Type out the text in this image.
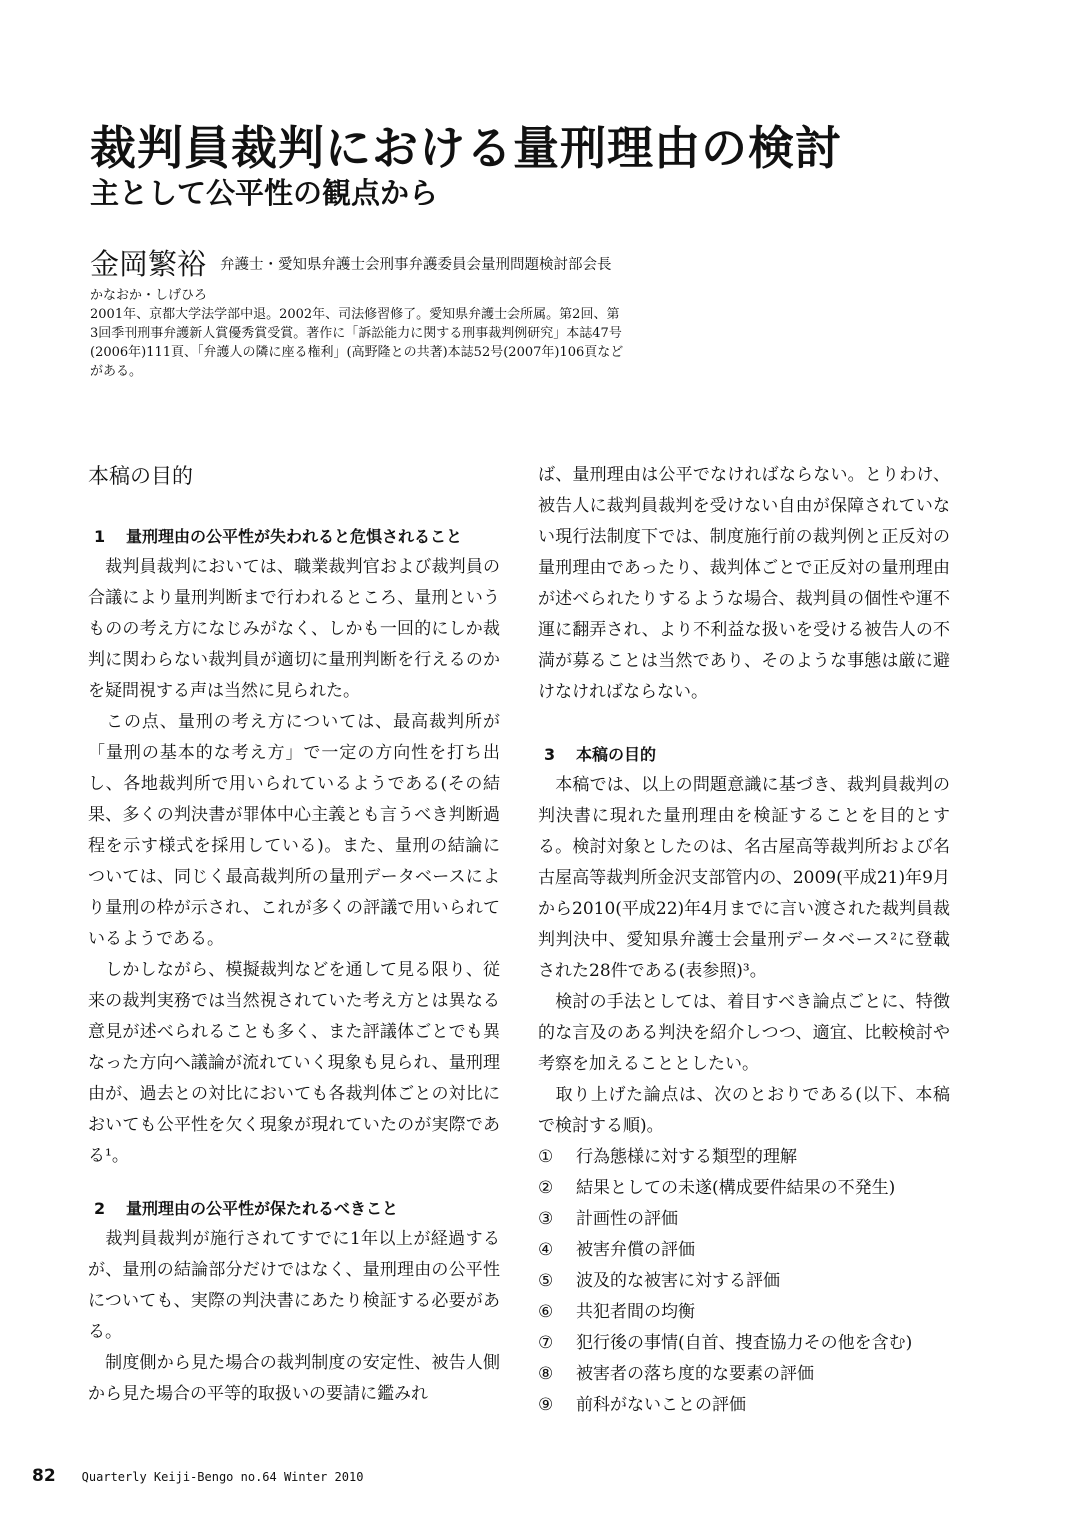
裁判員裁判における量刑理由の検討
主として公平性の観点から
金岡繁裕 弁護士・愛知県弁護士会刑事弁護委員会量刑問題検討部会長

かなおか・しげひろ

2001年、京都大学法学部中退。2002年、司法修習修了。愛知県弁護士会所属。第2回、第

3回季刊刑事弁護新人賞優秀賞受賞。著作に「訴訟能力に関する刑事裁判例研究」本誌47号

(2006年)111頁、「弁護人の隣に座る権利」(高野隆との共著)本誌52号(2007年)106頁など

がある。

本稿の目的
1 量刑理由の公平性が失われると危惧されること

　裁判員裁判においては、職業裁判官および裁判員の合議により量刑判断まで行われるところ、量刑というものの考え方になじみがなく、しかも一回的にしか裁判に関わらない裁判員が適切に量刑判断を行えるのかを疑問視する声は当然に見られた。

　この点、量刑の考え方については、最高裁判所が「量刑の基本的な考え方」で一定の方向性を打ち出し、各地裁判所で用いられているようである(その結果、多くの判決書が罪体中心主義とも言うべき判断過程を示す様式を採用している)。また、量刑の結論については、同じく最高裁判所の量刑データベースにより量刑の枠が示され、これが多くの評議で用いられているようである。

　しかしながら、模擬裁判などを通して見る限り、従来の裁判実務では当然視されていた考え方とは異なる意見が述べられることも多く、また評議体ごとでも異なった方向へ議論が流れていく現象も見られ、量刑理由が、過去との対比においても各裁判体ごとの対比においても公平性を欠く現象が現れていたのが実際である¹。

2 量刑理由の公平性が保たれるべきこと

　裁判員裁判が施行されてすでに1年以上が経過するが、量刑の結論部分だけではなく、量刑理由の公平性についても、実際の判決書にあたり検証する必要がある。

　制度側から見た場合の裁判制度の安定性、被告人側から見た場合の平等的取扱いの要請に鑑みれ

ば、量刑理由は公平でなければならない。とりわけ、被告人に裁判員裁判を受けない自由が保障されていない現行法制度下では、制度施行前の裁判例と正反対の量刑理由であったり、裁判体ごとで正反対の量刑理由が述べられたりするような場合、裁判員の個性や運不運に翻弄され、より不利益な扱いを受ける被告人の不満が募ることは当然であり、そのような事態は厳に避けなければならない。

3 本稿の目的

　本稿では、以上の問題意識に基づき、裁判員裁判の判決書に現れた量刑理由を検証することを目的とする。検討対象としたのは、名古屋高等裁判所および名古屋高等裁判所金沢支部管内の、2009(平成21)年9月から2010(平成22)年4月までに言い渡された裁判員裁判判決中、愛知県弁護士会量刑データベース²に登載された28件である(表参照)³。

　検討の手法としては、着目すべき論点ごとに、特徴的な言及のある判決を紹介しつつ、適宜、比較検討や考察を加えることとしたい。

　取り上げた論点は、次のとおりである(以下、本稿で検討する順)。

① 行為態様に対する類型的理解
② 結果としての未遂(構成要件結果の不発生)
③ 計画性の評価
④ 被害弁償の評価
⑤ 波及的な被害に対する評価
⑥ 共犯者間の均衡
⑦ 犯行後の事情(自首、捜査協力その他を含む)
⑧ 被害者の落ち度的な要素の評価
⑨ 前科がないことの評価
82 Quarterly Keiji-Bengo no.64 Winter 2010
